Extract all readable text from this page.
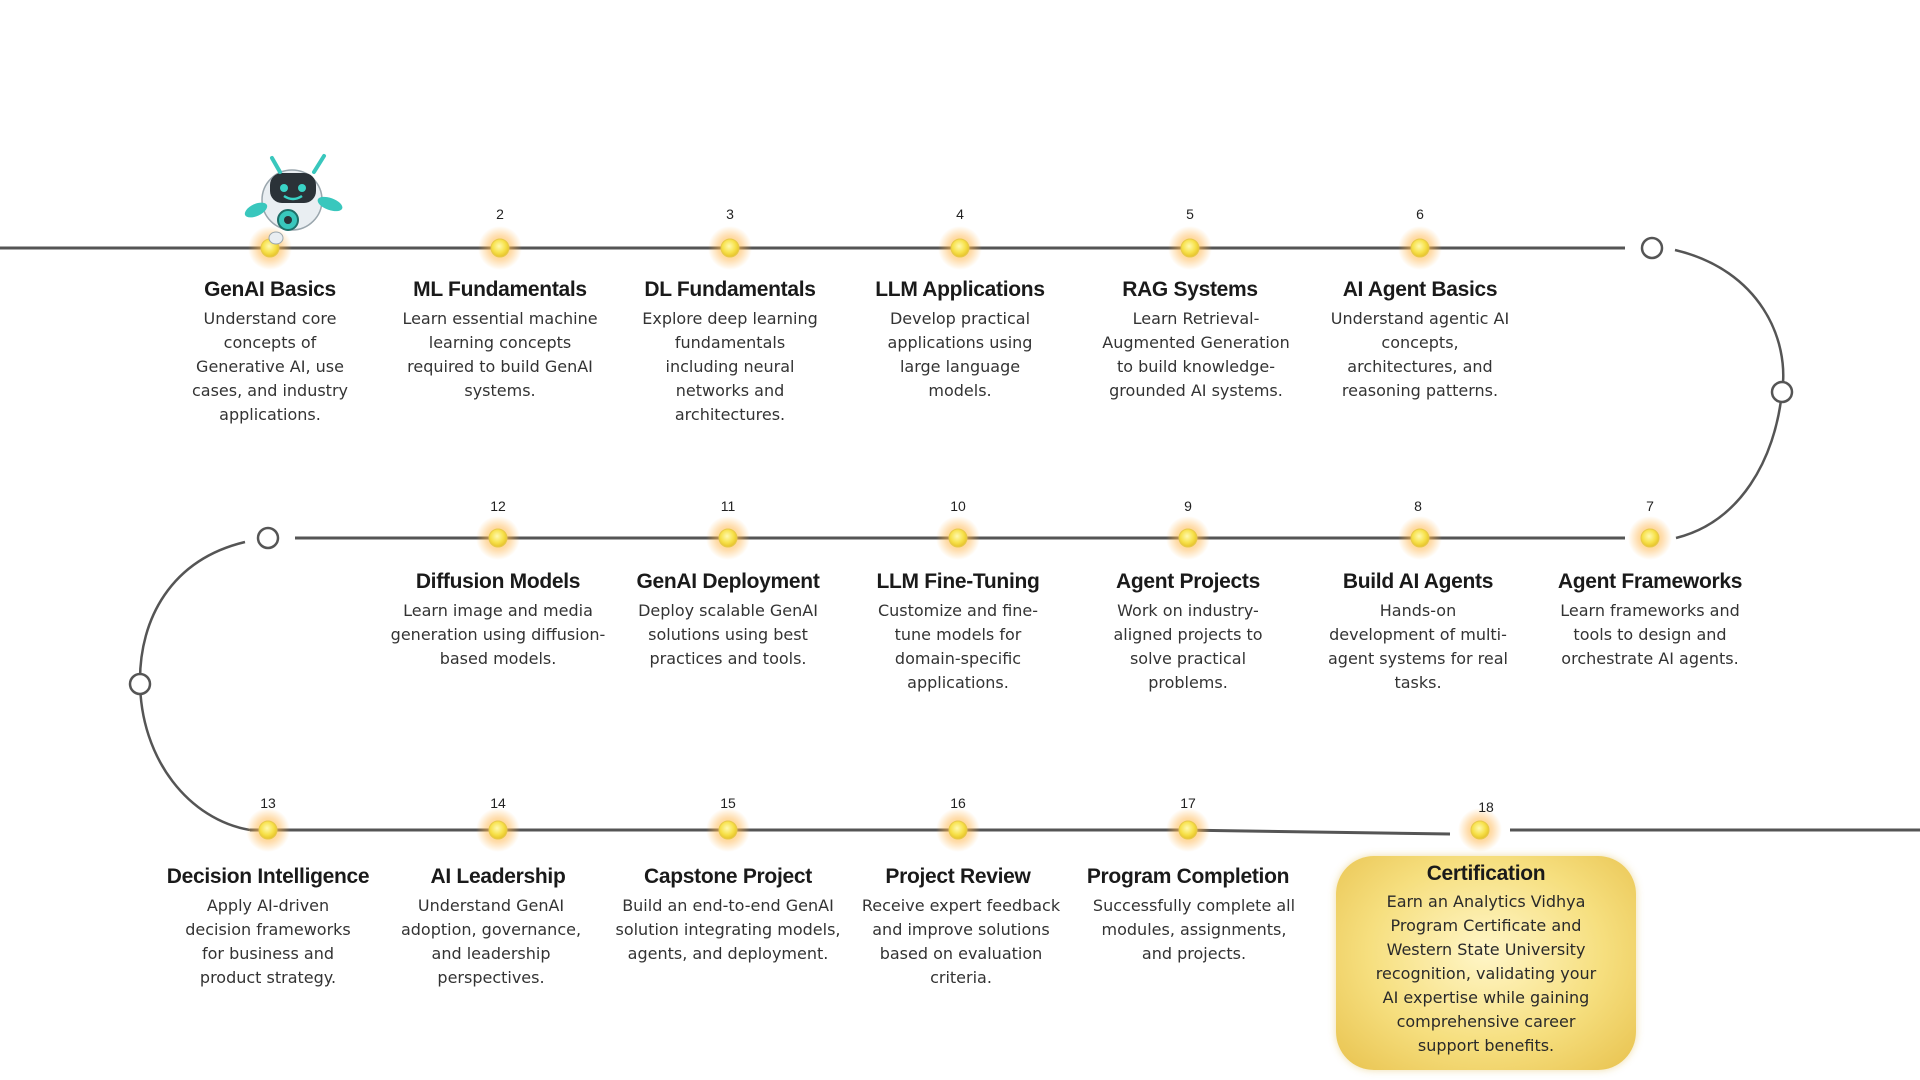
GenAI Basics
Understand core concepts of Generative AI, use cases, and industry applications.
2
ML Fundamentals
Learn essential machine learning concepts required to build GenAI systems.
3
DL Fundamentals
Explore deep learning fundamentals including neural networks and architectures.
4
LLM Applications
Develop practical applications using large language models.
5
RAG Systems
Learn Retrieval-Augmented Generation to build knowledge-grounded AI systems.
6
AI Agent Basics
Understand agentic AI concepts, architectures, and reasoning patterns.
12
Diffusion Models
Learn image and media generation using diffusion-based models.
11
GenAI Deployment
Deploy scalable GenAI solutions using best practices and tools.
10
LLM Fine-Tuning
Customize and fine-tune models for domain-specific applications.
9
Agent Projects
Work on industry-aligned projects to solve practical problems.
8
Build AI Agents
Hands-on development of multi-agent systems for real tasks.
7
Agent Frameworks
Learn frameworks and tools to design and orchestrate AI agents.
13
Decision Intelligence
Apply AI-driven decision frameworks for business and product strategy.
14
AI Leadership
Understand GenAI adoption, governance, and leadership perspectives.
15
Capstone Project
Build an end-to-end GenAI solution integrating models, agents, and deployment.
16
Project Review
Receive expert feedback and improve solutions based on evaluation criteria.
17
Program Completion
Successfully complete all modules, assignments, and projects.
18
Certification
Earn an Analytics Vidhya Program Certificate and Western State University recognition, validating your AI expertise while gaining comprehensive career support benefits.
